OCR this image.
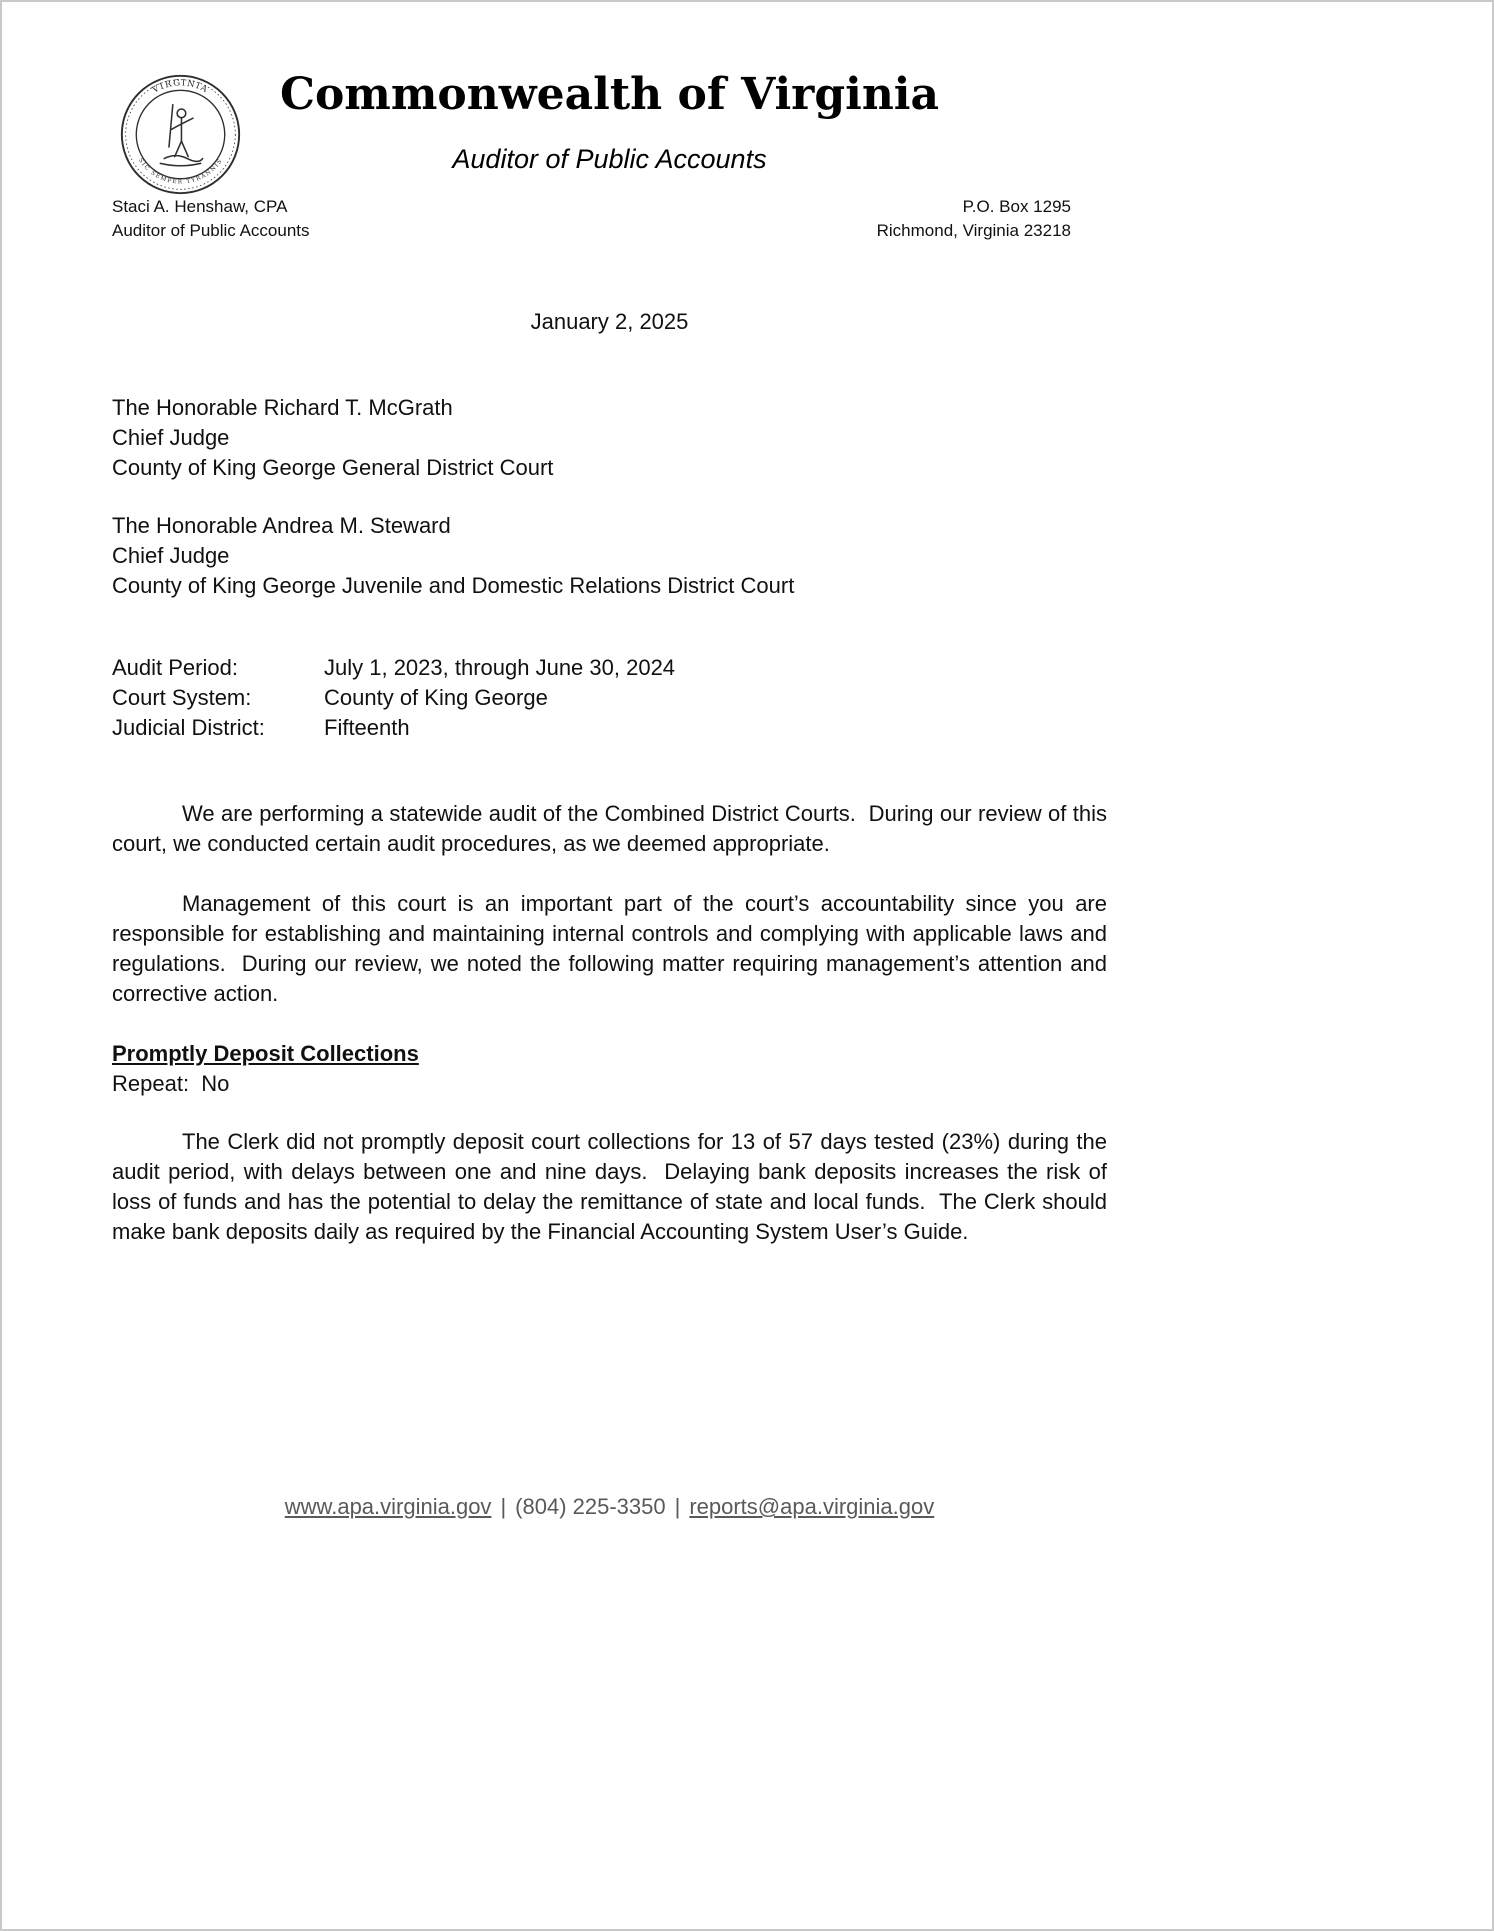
VIRGINIA
SIC SEMPER TYRANNIS
Commonwealth of Virginia
Auditor of Public Accounts
Staci A. Henshaw, CPA
Auditor of Public Accounts
P.O. Box 1295
Richmond, Virginia 23218
January 2, 2025
The Honorable Richard T. McGrath
Chief Judge
County of King George General District Court
The Honorable Andrea M. Steward
Chief Judge
County of King George Juvenile and Domestic Relations District Court
Audit Period:	July 1, 2023, through June 30, 2024
Court System:	County of King George
Judicial District:	Fifteenth

We are performing a statewide audit of the Combined District Courts.  During our review of this court, we conducted certain audit procedures, as we deemed appropriate.

Management of this court is an important part of the court’s accountability since you are responsible for establishing and maintaining internal controls and complying with applicable laws and regulations.  During our review, we noted the following matter requiring management’s attention and corrective action.

Promptly Deposit Collections
Repeat:  No

The Clerk did not promptly deposit court collections for 13 of 57 days tested (23%) during the audit period, with delays between one and nine days.  Delaying bank deposits increases the risk of loss of funds and has the potential to delay the remittance of state and local funds.  The Clerk should make bank deposits daily as required by the Financial Accounting System User’s Guide.

www.apa.virginia.gov | (804) 225-3350 | reports@apa.virginia.gov
